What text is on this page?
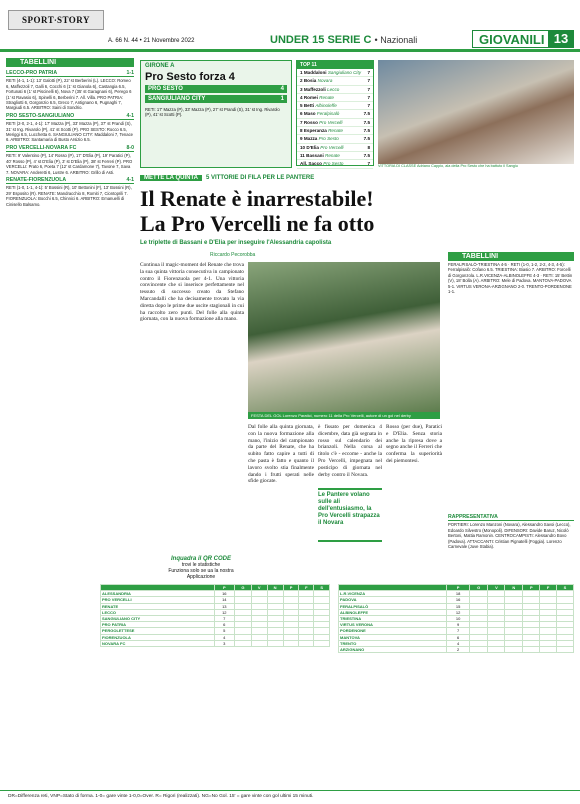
SPORT∙STORY
A. 66 N. 44 • 21 Novembre 2022	UNDER 15 SERIE C • Nazionali	GIOVANILI 13
TABELLINI
LECCO-PRO PATRIA	1-1

RETI (4-1, 1-1): 13' Galotti (P), 22' st Berberini (L). LECCO: Romeo 6, Maffezzoli 7, Galli 6, Cocchi 6 (1' st Gianola 6), Castangia 6.5, Fortunati 6 (1' st Piscinelli 6), Nova 7 (35' st Garagnani 6), Perego 6 (1' st Ravasio 6), Spinelli 6, Berberini 7. All. Villa. PRO PATRIA: Stragliotti 6, Gorgonzio 6.5, Greco 7, Antignano 6, Pugnaghi 7, Margiudi 6.5. ARBITRO: Saini di Sondrio.

PRO SESTO-SANGIULIANO	4-1

RETI (2-0, 2-1, 4-1): 17' Mazza (P), 33' Mazza (P), 37' st Prandi (S), 31' st Ing. Rivarolo (P), 41' st Scotti (P). PRO SESTO: Rocco 6.5, Meriggi 6.5, Lucchetta 6. SANGIULIANO CITY: Maddaloni 7, Tenace 6. ARBITRO: Santamaria di Busto Arsizio 6.5.

PRO VERCELLI-NOVARA FC	8-0

RETI: 9' Valentino (P), 14' Rosso (P), 17' D'Elia (P), 19' Paratici (P), 40' Rosso (P), 4' st D'Elia (P), 3' st D'Elia (P), 38' st Ferreri (P). PRO VERCELLI: Prato 6, Poeta 7 (12' st Cardamone 7), Tavone 7, Sava 7. NOVARA: Anderetti 6, Lustre 6. ARBITRO: Grillo di Asti.

RENATE-FIORENZUOLA	4-1

RETI (1-0, 1-1, 4-1): 5' Bossini (R), 10' Bettonini (F), 13' Bossini (R), 29' Esposito (R). RENATE: Mandracchio 8, Romiti 7, Ciontoprili 7. FIORENZUOLA: Bocchi 6.5, Chinnici 6. ARBITRO: Emanuelli di Cinisello Balsamo.

GIRONE A
Pro Sesto forza 4
PRO SESTO	4
SANGIULIANO CITY	1
RETI: 17' Mazza (P), 33' Mazza (P), 27' st Prandi (S), 31' st Ing. Rivarolo (P), 41' st Scotti (P).
TOP 11
1 Maddaloni Sangiuliano City 7
2 Bosia Novara	7
3 Maffezzoli Lecco	7
4 Romei Renate	7
5 Betti Albinoleffe	7
6 Maso Feralpisalò	7.5
7 Rosso Pro Vercelli	7.5
8 Esperanza Renate	7.5
9 Mazza Pro Sesto	7.5
10 D'Elia Pro Vercelli	8
11 Bassani Renate	7.5
All. Sacco Pro Sesto	7 VITTORIA DI CLASSE Adriano Cappio, ala della Pro Sesto che ha battuto il Sangiu
METTE LA QUINTA 5 VITTORIE DI FILA PER LE PANTERE
Il Renate è inarrestabile!
La Pro Vercelli ne fa otto
Le triplette di Bassani e D'Elia per inseguire l'Alessandria capolista
Riccardo Pecorobba
Continua il magic-moment del Renate che trova la sua quinta vittoria consecutiva in campionato contro il Fiorenzuola per 4-1. Una vittoria convincente che si inserisce perfettamente nel tessuto di successo creato da Stefano Marcandalli che ha decisamente trovato la via diretta dopo le prime due uscite stagionali in cui ha raccolto zero punti. Del folle alla quinta giornata, con la nuova formazione alla mano.
FESTA DEL GOL Lorenzo Paratici, numero 11 della Pro Vercelli, autore di un gol nel derby
Dal folle alla quinta giornata, con la nuova formazione alla mano, l'inizio del campionato da parte del Renate, che ha subito fatto capire a tutti di che pasta è fatto e quanto il lavoro svolto stia finalmente dando i frutti sperati nelle sfide giocate.
è fissato per domenica 4 dicembre, data già segnata in rosso sul calendario dei brianzoli. Nella corsa al titolo c'è - eccome - anche la Pro Vercelli, impegnata nel posticipo di giornata nel derby contro il Novara.
Le Pantere volano sulle ali dell'entusiasmo, la Pro Vercelli strapazza il Novara
Rosso (per due), Paratici e D'Elia. Senza storia anche la ripresa dove a segno anche il Ferreri che conferma la superiorità dei piemontesi.
Inquadra il QR CODE
trovi le statistiche
Funziona solo se ua la nostra Applicazione
TABELLINI
FERALPISALÒ-TRIESTINA 4-5 · RETI (1-0, 1-2, 2-2, 4-3, 4-5): Ferralpisalò: Cofano 6.5. TRIESTINA: Biasio 7. ARBITRO: Forcelli di Gorgonzola. L.R.VICENZA-ALBINOLEFFE 4-3 · RETI: 15' Bettin (V), 18' Bolla (A). ARBITRO: Mele di Padova. MANTOVA-PADOVA 5-1. VIRTUS VERONA-ARZIGNANO 2-0. TRENTO-PORDENONE 1-1.
RAPPRESENTATIVA

PORTIERI: Lorenzo Manzoni (Novara), Alessandro Savoi (Lecco), Edoardo Silvestro (Monopoli). DIFENSORI: Davide Baruz, Nicolò Bertoni, Mattia Ramonin. CENTROCAMPISTI: Alessandro Bovo (Padova). ATTACCANTI: Cristian Pignatelli (Foggia). Lorenzo Carnevale (Juve Stabia).

	P	G	V	N	P	F	S
ALESSANDRIA	16						
PRO VERCELLI	14						
RENATE	13						
LECCO	12						
SANGIULIANO CITY	7						
PRO PATRIA	6						
PERGOLETTESE	5						
FIORENZUOLA	4						
NOVARA FC	3						
	P	G	V	N	P	F	S
L.R.VICENZA	18						
PADOVA	16						
FERALPISALÒ	15						
ALBINOLEFFE	12						
TRIESTINA	10						
VIRTUS VERONA	9						
PORDENONE	7						
MANTOVA	6						
TRENTO	4						
ARZIGNANO	2						
DR=Differenza reti, VNP=Stato di forma. 1-0= gare vinte 1-0,0=Over. R= Rigori (realizzati). NG=No Gol. 15' = gare vinte con gol ultimi 15 minuti.
